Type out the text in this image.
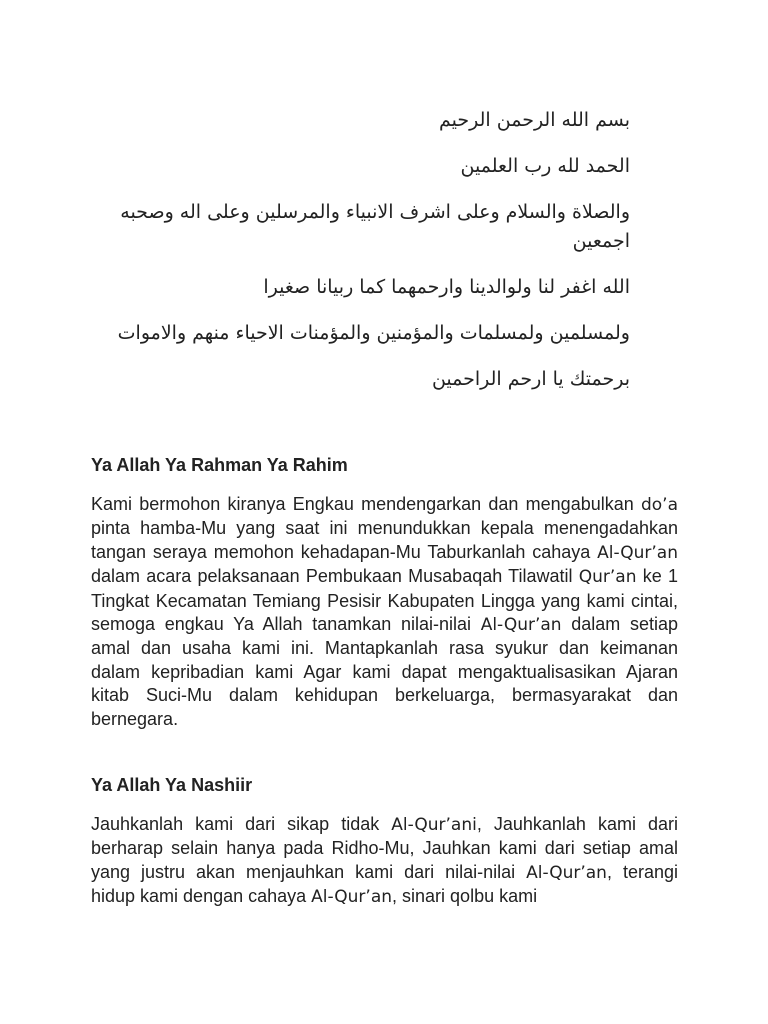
بسم الله الرحمن الرحيم

الحمد لله رب العلمين

والصلاة والسلام وعلى اشرف الانبياء والمرسلين وعلى اله وصحبه اجمعين

الله اغفر لنا ولوالدينا وارحمهما كما ربيانا صغيرا

ولمسلمين ولمسلمات والمؤمنين والمؤمنات الاحياء منهم والاموات

برحمتك يا ارحم الراحمين

Ya Allah Ya Rahman Ya Rahim

Kami bermohon kiranya Engkau mendengarkan dan mengabulkan do’a pinta hamba-Mu yang saat ini menundukkan kepala menengadahkan tangan seraya memohon kehadapan-Mu Taburkanlah cahaya Al-Qur’an dalam acara pelaksanaan Pembukaan Musabaqah Tilawatil Qur’an ke 1 Tingkat Kecamatan Temiang Pesisir Kabupaten Lingga yang kami cintai, semoga engkau Ya Allah tanamkan nilai-nilai Al-Qur’an dalam setiap amal dan usaha kami ini. Mantapkanlah rasa syukur dan keimanan dalam kepribadian kami Agar kami dapat mengaktualisasikan Ajaran kitab Suci-Mu dalam kehidupan berkeluarga, bermasyarakat dan bernegara.

Ya Allah Ya Nashiir

Jauhkanlah kami dari sikap tidak Al-Qur’ani, Jauhkanlah kami dari berharap selain hanya pada Ridho-Mu, Jauhkan kami dari setiap amal yang justru akan menjauhkan kami dari nilai-nilai Al-Qur’an, terangi hidup kami dengan cahaya Al-Qur’an, sinari qolbu kami
